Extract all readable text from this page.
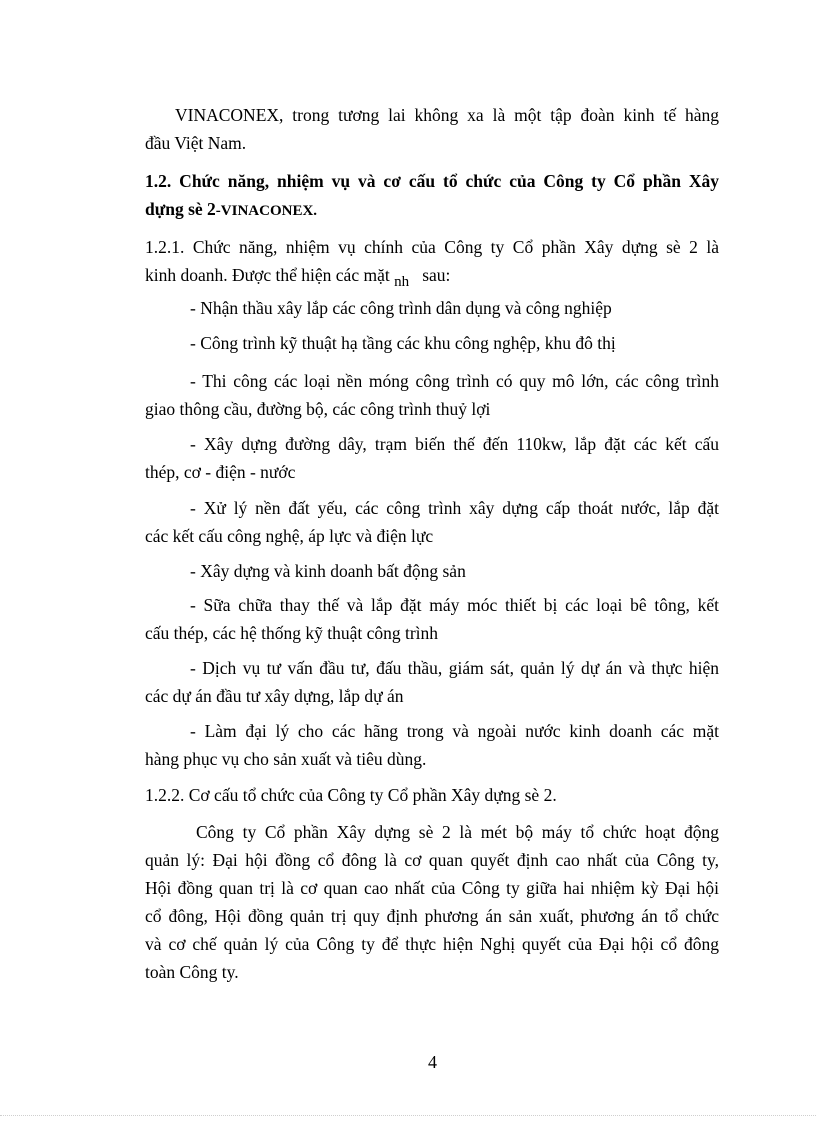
VINACONEX, trong tương lai không xa là một tập đoàn kinh tế hàng
đầu Việt Nam.
1.2. Chức năng, nhiệm vụ và cơ cấu tổ chức của Công ty Cổ phần Xây
dựng sè 2-VINACONEX.
1.2.1. Chức năng, nhiệm vụ chính của Công ty Cổ phần Xây dựng sè 2 là
kinh doanh. Được thể hiện các mặt nh sau:
- Nhận thầu xây lắp các công trình dân dụng và công nghiệp
- Công trình kỹ thuật hạ tầng các khu công nghệp, khu đô thị
- Thi công các loại nền móng công trình có quy mô lớn, các công trình
giao thông cầu, đường bộ, các công trình thuỷ lợi
- Xây dựng đường dây, trạm biến thế đến 110kw, lắp đặt các kết cấu
thép, cơ - điện - nước
- Xử lý nền đất yếu, các công trình xây dựng cấp thoát nước, lắp đặt
các kết cấu công nghệ, áp lực và điện lực
- Xây dựng và kinh doanh bất động sản
- Sữa chữa thay thế và lắp đặt máy móc thiết bị các loại bê tông, kết
cấu thép, các hệ thống kỹ thuật công trình
- Dịch vụ tư vấn đầu tư, đấu thầu, giám sát, quản lý dự án và thực hiện
các dự án đầu tư xây dựng, lắp dự án
- Làm đại lý cho các hãng trong và ngoài nước kinh doanh các mặt
hàng phục vụ cho sản xuất và tiêu dùng.
1.2.2. Cơ cấu tổ chức của Công ty Cổ phần Xây dựng sè 2.
Công ty Cổ phần Xây dựng sè 2 là mét bộ máy tổ chức hoạt động
quản lý: Đại hội đồng cổ đông là cơ quan quyết định cao nhất của Công ty,
Hội đồng quan trị là cơ quan cao nhất của Công ty giữa hai nhiệm kỳ Đại hội
cổ đông, Hội đồng quản trị quy định phương án sản xuất, phương án tổ chức
và cơ chế quản lý của Công ty để thực hiện Nghị quyết của Đại hội cổ đông
toàn Công ty.
4
